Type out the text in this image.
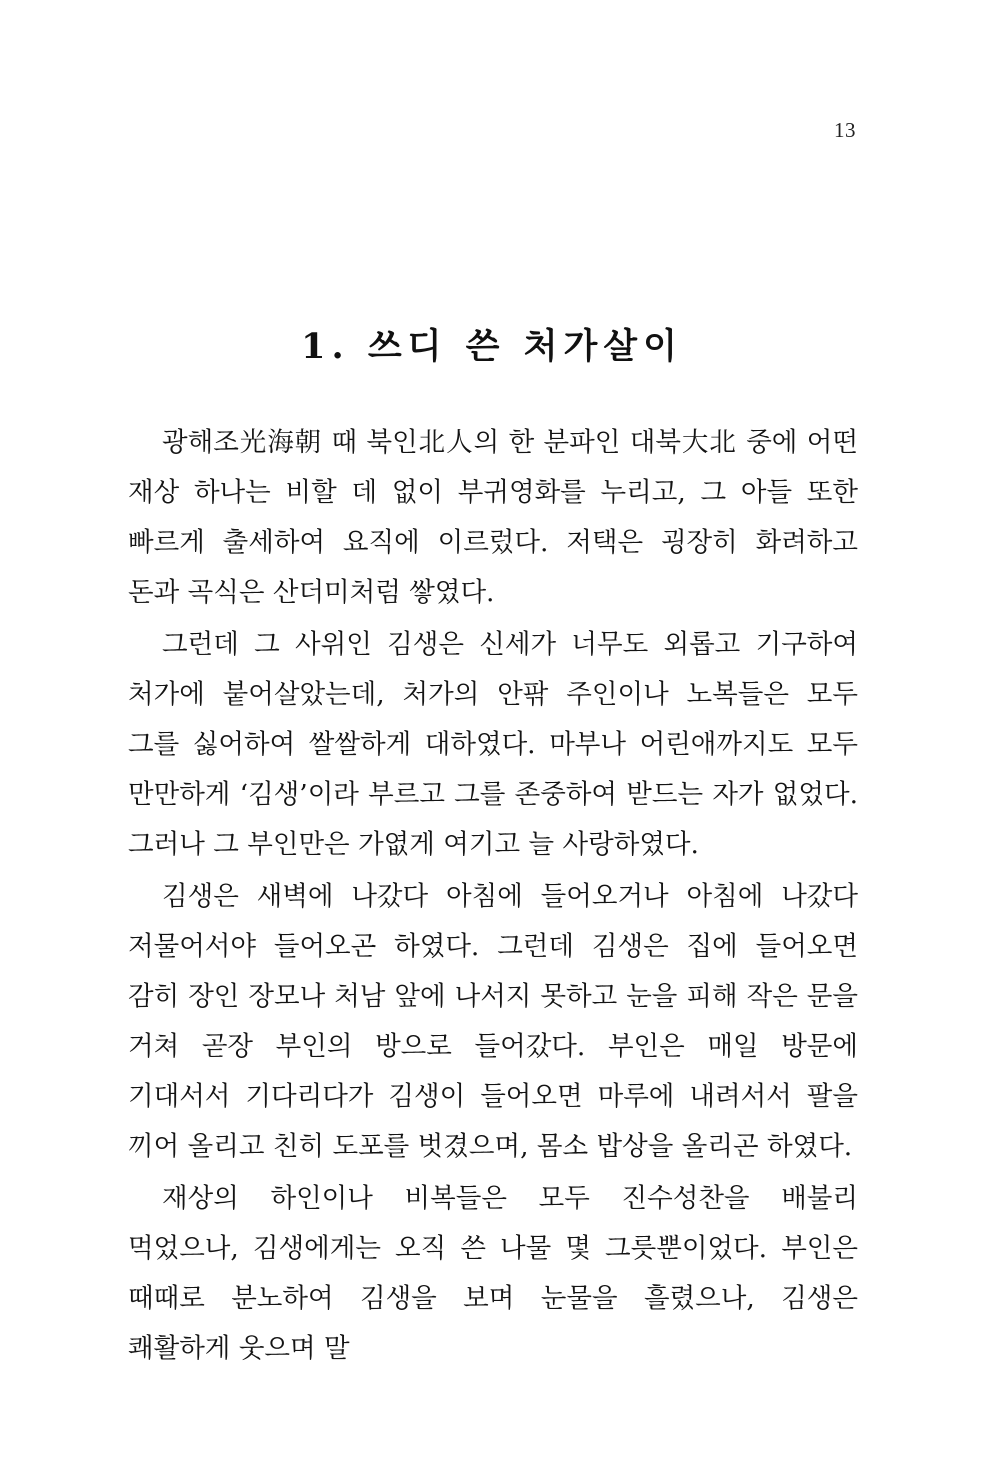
13
1. 쓰디 쓴 처가살이

광해조光海朝 때 북인北人의 한 분파인 대북大北 중에 어떤 재상 하나는 비할 데 없이 부귀영화를 누리고, 그 아들 또한 빠르게 출세하여 요직에 이르렀다. 저택은 굉장히 화려하고 돈과 곡식은 산더미처럼 쌓였다.

그런데 그 사위인 김생은 신세가 너무도 외롭고 기구하여 처가에 붙어살았는데, 처가의 안팎 주인이나 노복들은 모두 그를 싫어하여 쌀쌀하게 대하였다. 마부나 어린애까지도 모두 만만하게 ‘김생’이라 부르고 그를 존중하여 받드는 자가 없었다. 그러나 그 부인만은 가엾게 여기고 늘 사랑하였다.

김생은 새벽에 나갔다 아침에 들어오거나 아침에 나갔다 저물어서야 들어오곤 하였다. 그런데 김생은 집에 들어오면 감히 장인 장모나 처남 앞에 나서지 못하고 눈을 피해 작은 문을 거쳐 곧장 부인의 방으로 들어갔다. 부인은 매일 방문에 기대서서 기다리다가 김생이 들어오면 마루에 내려서서 팔을 끼어 올리고 친히 도포를 벗겼으며, 몸소 밥상을 올리곤 하였다.

재상의 하인이나 비복들은 모두 진수성찬을 배불리 먹었으나, 김생에게는 오직 쓴 나물 몇 그릇뿐이었다. 부인은 때때로 분노하여 김생을 보며 눈물을 흘렸으나, 김생은 쾌활하게 웃으며 말
